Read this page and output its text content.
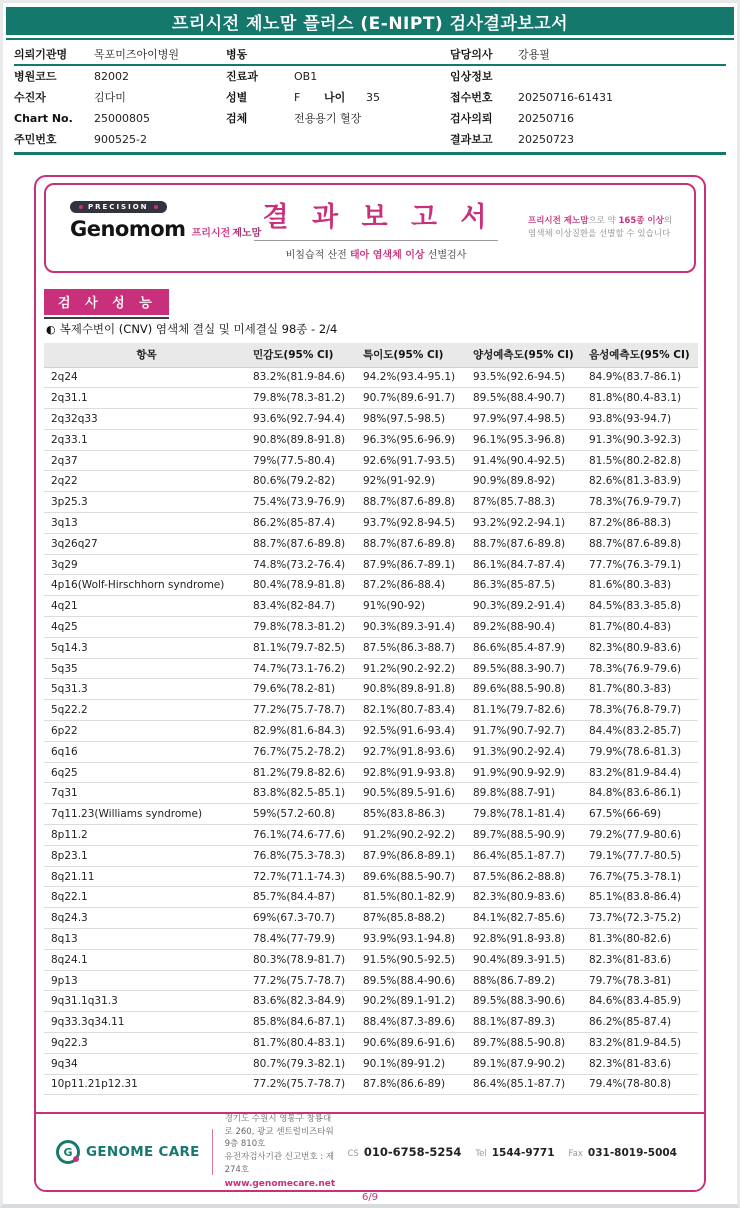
프리시전 제노맘 플러스 (E-NIPT) 검사결과보고서
의뢰기관명 목포미즈아이병원	병동	담당의사 강용필
병원코드	82002	진료과	OB1	임상정보
수진자	김다미	성별	F 나이 35	접수번호 20250716-61431
Chart No. 25000805	검체	전용용기 혈장	검사의뢰 20250716
주민번호	900525-2	결과보고 20250723
PRECISION
Genomom 프리시전 제노맘
결 과 보 고 서
비침습적 산전 태아 염색체 이상 선별검사
프리시전 제노맘으로 약 165종 이상의
염색체 이상질환을 선별할 수 있습니다
검 사 성 능
◐ 복제수변이 (CNV) 염색체 결실 및 미세결실 98종 - 2/4
항목	민감도(95% CI)	특이도(95% CI)	양성예측도(95% CI)	음성예측도(95% CI)
2q24	83.2%(81.9-84.6)	94.2%(93.4-95.1)	93.5%(92.6-94.5)	84.9%(83.7-86.1)
2q31.1	79.8%(78.3-81.2)	90.7%(89.6-91.7)	89.5%(88.4-90.7)	81.8%(80.4-83.1)
2q32q33	93.6%(92.7-94.4)	98%(97.5-98.5)	97.9%(97.4-98.5)	93.8%(93-94.7)
2q33.1	90.8%(89.8-91.8)	96.3%(95.6-96.9)	96.1%(95.3-96.8)	91.3%(90.3-92.3)
2q37	79%(77.5-80.4)	92.6%(91.7-93.5)	91.4%(90.4-92.5)	81.5%(80.2-82.8)
2q22	80.6%(79.2-82)	92%(91-92.9)	90.9%(89.8-92)	82.6%(81.3-83.9)
3p25.3	75.4%(73.9-76.9)	88.7%(87.6-89.8)	87%(85.7-88.3)	78.3%(76.9-79.7)
3q13	86.2%(85-87.4)	93.7%(92.8-94.5)	93.2%(92.2-94.1)	87.2%(86-88.3)
3q26q27	88.7%(87.6-89.8)	88.7%(87.6-89.8)	88.7%(87.6-89.8)	88.7%(87.6-89.8)
3q29	74.8%(73.2-76.4)	87.9%(86.7-89.1)	86.1%(84.7-87.4)	77.7%(76.3-79.1)
4p16(Wolf-Hirschhorn syndrome)	80.4%(78.9-81.8)	87.2%(86-88.4)	86.3%(85-87.5)	81.6%(80.3-83)
4q21	83.4%(82-84.7)	91%(90-92)	90.3%(89.2-91.4)	84.5%(83.3-85.8)
4q25	79.8%(78.3-81.2)	90.3%(89.3-91.4)	89.2%(88-90.4)	81.7%(80.4-83)
5q14.3	81.1%(79.7-82.5)	87.5%(86.3-88.7)	86.6%(85.4-87.9)	82.3%(80.9-83.6)
5q35	74.7%(73.1-76.2)	91.2%(90.2-92.2)	89.5%(88.3-90.7)	78.3%(76.9-79.6)
5q31.3	79.6%(78.2-81)	90.8%(89.8-91.8)	89.6%(88.5-90.8)	81.7%(80.3-83)
5q22.2	77.2%(75.7-78.7)	82.1%(80.7-83.4)	81.1%(79.7-82.6)	78.3%(76.8-79.7)
6p22	82.9%(81.6-84.3)	92.5%(91.6-93.4)	91.7%(90.7-92.7)	84.4%(83.2-85.7)
6q16	76.7%(75.2-78.2)	92.7%(91.8-93.6)	91.3%(90.2-92.4)	79.9%(78.6-81.3)
6q25	81.2%(79.8-82.6)	92.8%(91.9-93.8)	91.9%(90.9-92.9)	83.2%(81.9-84.4)
7q31	83.8%(82.5-85.1)	90.5%(89.5-91.6)	89.8%(88.7-91)	84.8%(83.6-86.1)
7q11.23(Williams syndrome)	59%(57.2-60.8)	85%(83.8-86.3)	79.8%(78.1-81.4)	67.5%(66-69)
8p11.2	76.1%(74.6-77.6)	91.2%(90.2-92.2)	89.7%(88.5-90.9)	79.2%(77.9-80.6)
8p23.1	76.8%(75.3-78.3)	87.9%(86.8-89.1)	86.4%(85.1-87.7)	79.1%(77.7-80.5)
8q21.11	72.7%(71.1-74.3)	89.6%(88.5-90.7)	87.5%(86.2-88.8)	76.7%(75.3-78.1)
8q22.1	85.7%(84.4-87)	81.5%(80.1-82.9)	82.3%(80.9-83.6)	85.1%(83.8-86.4)
8q24.3	69%(67.3-70.7)	87%(85.8-88.2)	84.1%(82.7-85.6)	73.7%(72.3-75.2)
8q13	78.4%(77-79.9)	93.9%(93.1-94.8)	92.8%(91.8-93.8)	81.3%(80-82.6)
8q24.1	80.3%(78.9-81.7)	91.5%(90.5-92.5)	90.4%(89.3-91.5)	82.3%(81-83.6)
9p13	77.2%(75.7-78.7)	89.5%(88.4-90.6)	88%(86.7-89.2)	79.7%(78.3-81)
9q31.1q31.3	83.6%(82.3-84.9)	90.2%(89.1-91.2)	89.5%(88.3-90.6)	84.6%(83.4-85.9)
9q33.3q34.11	85.8%(84.6-87.1)	88.4%(87.3-89.6)	88.1%(87-89.3)	86.2%(85-87.4)
9q22.3	81.7%(80.4-83.1)	90.6%(89.6-91.6)	89.7%(88.5-90.8)	83.2%(81.9-84.5)
9q34	80.7%(79.3-82.1)	90.1%(89-91.2)	89.1%(87.9-90.2)	82.3%(81-83.6)
10p11.21p12.31	77.2%(75.7-78.7)	87.8%(86.6-89)	86.4%(85.1-87.7)	79.4%(78-80.8)
G GENOME CARE
경기도 수원시 영통구 창룡대로 260, 광교 센트럴비즈타워 9층 810호
유전자검사기관 신고번호 : 제274호
www.genomecare.net
CS 010-6758-5254 Tel 1544-9771 Fax 031-8019-5004
6/9
